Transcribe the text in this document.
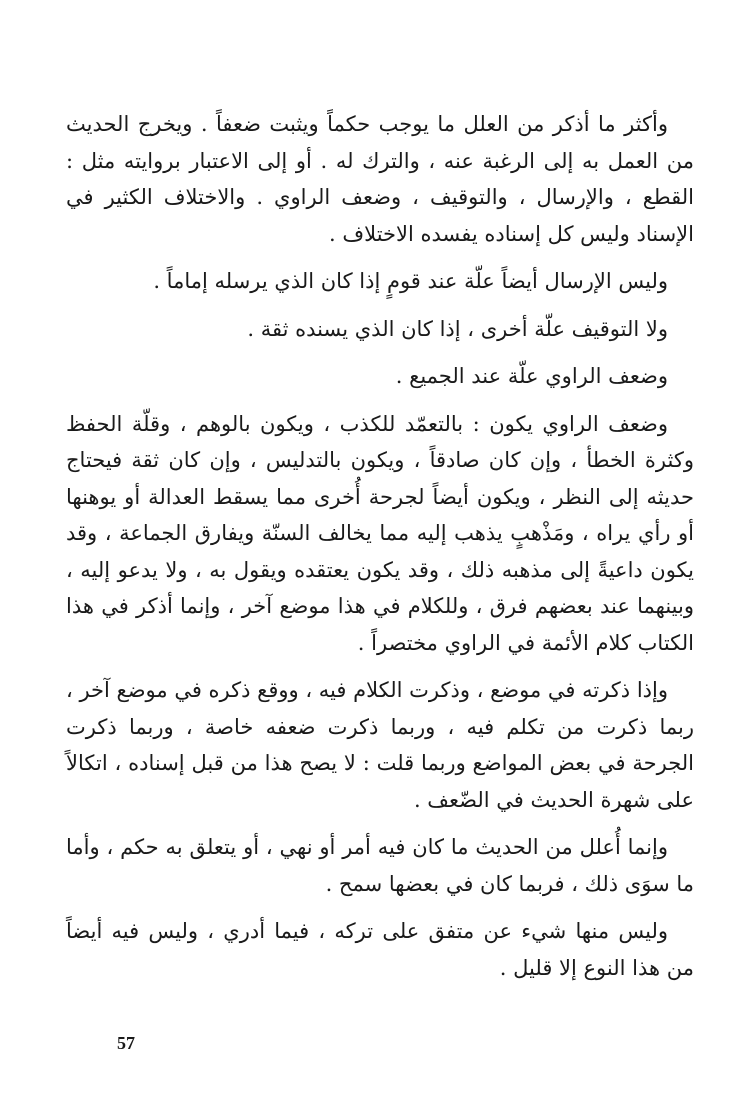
وأكثر ما أذكر من العلل ما يوجب حكماً ويثبت ضعفاً . ويخرج الحديث من العمل به إلى الرغبة عنه ، والترك له . أو إلى الاعتبار بروايته مثل : القطع ، والإرسال ، والتوقيف ، وضعف الراوي . والاختلاف الكثير في الإسناد وليس كل إسناده يفسده الاختلاف .

وليس الإرسال أيضاً علّة عند قومٍ إذا كان الذي يرسله إماماً .

ولا التوقيف علّة أخرى ، إذا كان الذي يسنده ثقة .

وضعف الراوي علّة عند الجميع .

وضعف الراوي يكون : بالتعمّد للكذب ، ويكون بالوهم ، وقلّة الحفظ وكثرة الخطأ ، وإن كان صادقاً ، ويكون بالتدليس ، وإن كان ثقة فيحتاج حديثه إلى النظر ، ويكون أيضاً لجرحة أُخرى مما يسقط العدالة أو يوهنها أو رأي يراه ، ومَذْهبٍ يذهب إليه مما يخالف السنّة ويفارق الجماعة ، وقد يكون داعيةً إلى مذهبه ذلك ، وقد يكون يعتقده ويقول به ، ولا يدعو إليه ، وبينهما عند بعضهم فرق ، وللكلام في هذا موضع آخر ، وإنما أذكر في هذا الكتاب كلام الأئمة في الراوي مختصراً .

وإذا ذكرته في موضع ، وذكرت الكلام فيه ، ووقع ذكره في موضع آخر ، ربما ذكرت من تكلم فيه ، وربما ذكرت ضعفه خاصة ، وربما ذكرت الجرحة في بعض المواضع وربما قلت : لا يصح هذا من قبل إسناده ، اتكالاً على شهرة الحديث في الضّعف .

وإنما أُعلل من الحديث ما كان فيه أمر أو نهي ، أو يتعلق به حكم ، وأما ما سوَى ذلك ، فربما كان في بعضها سمح .

وليس منها شيء عن متفق على تركه ، فيما أدري ، وليس فيه أيضاً من هذا النوع إلا قليل .

57
